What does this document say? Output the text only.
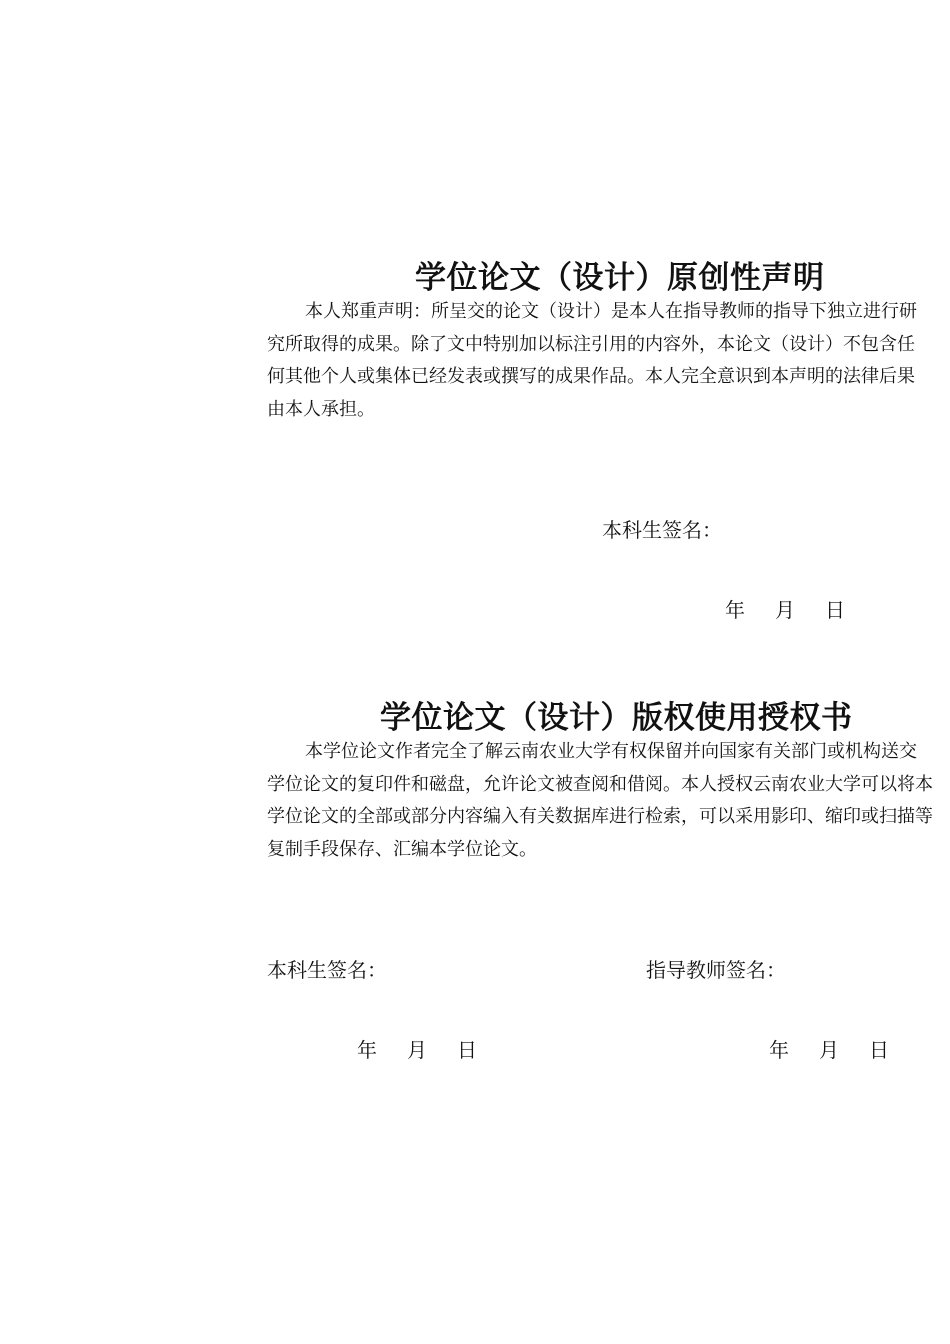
学位论文（设计）原创性声明

本人郑重声明：所呈交的论文（设计）是本人在指导教师的指导下独立进行研
究所取得的成果。除了文中特别加以标注引用的内容外，本论文（设计）不包含任
何其他个人或集体已经发表或撰写的成果作品。本人完全意识到本声明的法律后果
由本人承担。

本科生签名：
年 月 日
学位论文（设计）版权使用授权书

本学位论文作者完全了解云南农业大学有权保留并向国家有关部门或机构送交
学位论文的复印件和磁盘，允许论文被查阅和借阅。本人授权云南农业大学可以将本
学位论文的全部或部分内容编入有关数据库进行检索，可以采用影印、缩印或扫描等
复制手段保存、汇编本学位论文。

本科生签名：	指导教师签名：
年 月 日	年 月 日
